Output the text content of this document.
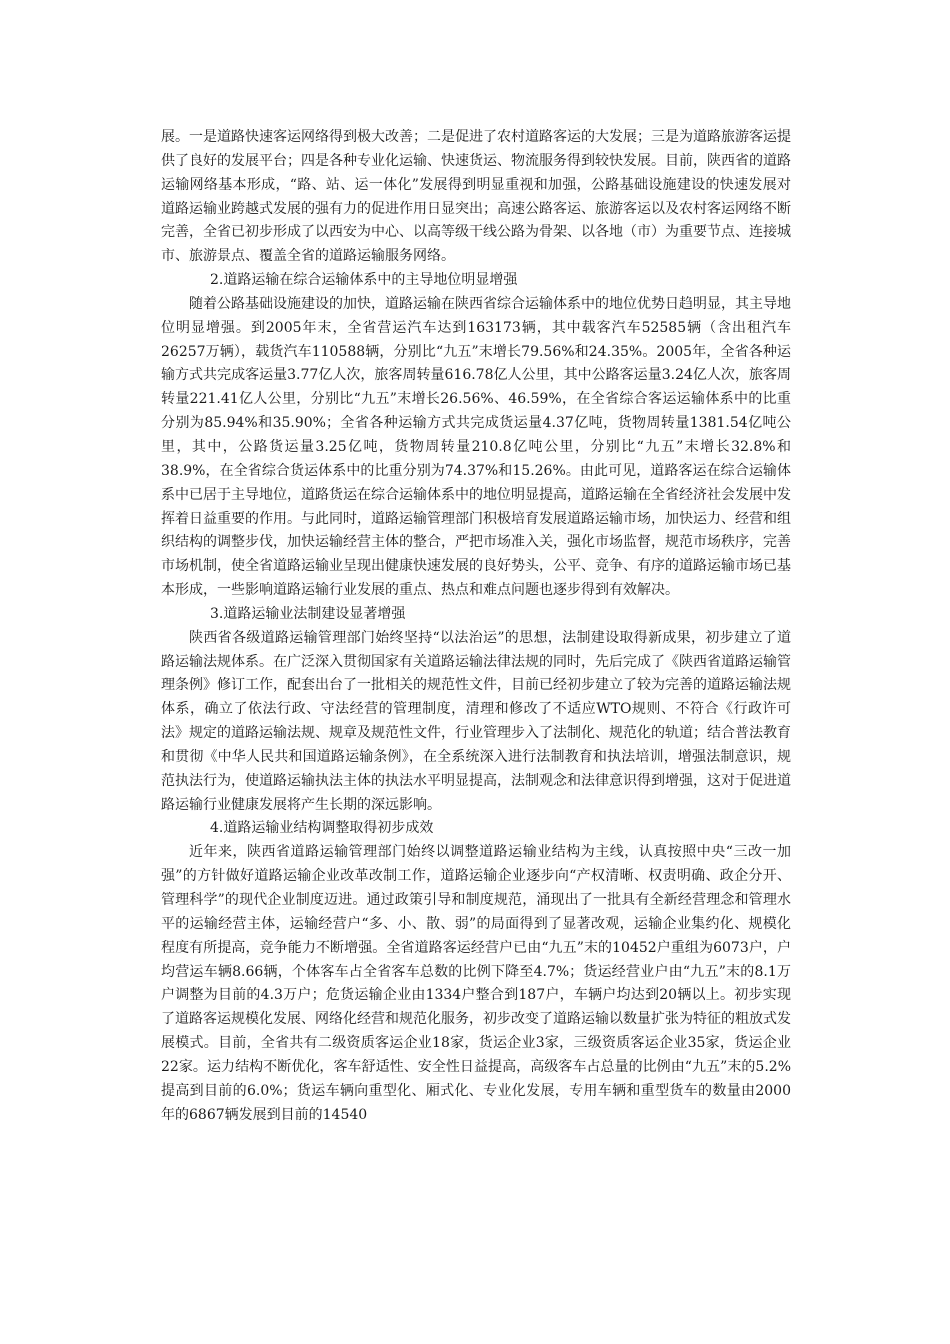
展。一是道路快速客运网络得到极大改善；二是促进了农村道路客运的大发展；三是为道路旅游客运提供了良好的发展平台；四是各种专业化运输、快速货运、物流服务得到较快发展。目前，陕西省的道路运输网络基本形成，“路、站、运一体化”发展得到明显重视和加强，公路基础设施建设的快速发展对道路运输业跨越式发展的强有力的促进作用日显突出；高速公路客运、旅游客运以及农村客运网络不断完善，全省已初步形成了以西安为中心、以高等级干线公路为骨架、以各地（市）为重要节点、连接城市、旅游景点、覆盖全省的道路运输服务网络。

2.道路运输在综合运输体系中的主导地位明显增强

随着公路基础设施建设的加快，道路运输在陕西省综合运输体系中的地位优势日趋明显，其主导地位明显增强。到2005年末，全省营运汽车达到163173辆，其中载客汽车52585辆（含出租汽车26257万辆），载货汽车110588辆，分别比“九五”末增长79.56%和24.35%。2005年，全省各种运输方式共完成客运量3.77亿人次，旅客周转量616.78亿人公里，其中公路客运量3.24亿人次，旅客周转量221.41亿人公里，分别比“九五”末增长26.56%、46.59%，在全省综合客运运输体系中的比重分别为85.94%和35.90%；全省各种运输方式共完成货运量4.37亿吨，货物周转量1381.54亿吨公里，其中，公路货运量3.25亿吨，货物周转量210.8亿吨公里，分别比“九五”末增长32.8%和38.9%，在全省综合货运体系中的比重分别为74.37%和15.26%。由此可见，道路客运在综合运输体系中已居于主导地位，道路货运在综合运输体系中的地位明显提高，道路运输在全省经济社会发展中发挥着日益重要的作用。与此同时，道路运输管理部门积极培育发展道路运输市场，加快运力、经营和组织结构的调整步伐，加快运输经营主体的整合，严把市场准入关，强化市场监督，规范市场秩序，完善市场机制，使全省道路运输业呈现出健康快速发展的良好势头，公平、竞争、有序的道路运输市场已基本形成，一些影响道路运输行业发展的重点、热点和难点问题也逐步得到有效解决。

3.道路运输业法制建设显著增强

陕西省各级道路运输管理部门始终坚持“以法治运”的思想，法制建设取得新成果，初步建立了道路运输法规体系。在广泛深入贯彻国家有关道路运输法律法规的同时，先后完成了《陕西省道路运输管理条例》修订工作，配套出台了一批相关的规范性文件，目前已经初步建立了较为完善的道路运输法规体系，确立了依法行政、守法经营的管理制度，清理和修改了不适应WTO规则、不符合《行政许可法》规定的道路运输法规、规章及规范性文件，行业管理步入了法制化、规范化的轨道；结合普法教育和贯彻《中华人民共和国道路运输条例》，在全系统深入进行法制教育和执法培训，增强法制意识，规范执法行为，使道路运输执法主体的执法水平明显提高，法制观念和法律意识得到增强，这对于促进道路运输行业健康发展将产生长期的深远影响。

4.道路运输业结构调整取得初步成效

近年来，陕西省道路运输管理部门始终以调整道路运输业结构为主线，认真按照中央“三改一加强”的方针做好道路运输企业改革改制工作，道路运输企业逐步向“产权清晰、权责明确、政企分开、管理科学”的现代企业制度迈进。通过政策引导和制度规范，涌现出了一批具有全新经营理念和管理水平的运输经营主体，运输经营户“多、小、散、弱”的局面得到了显著改观，运输企业集约化、规模化程度有所提高，竞争能力不断增强。全省道路客运经营户已由“九五”末的10452户重组为6073户，户均营运车辆8.66辆，个体客车占全省客车总数的比例下降至4.7%；货运经营业户由“九五”末的8.1万户调整为目前的4.3万户；危货运输企业由1334户整合到187户，车辆户均达到20辆以上。初步实现了道路客运规模化发展、网络化经营和规范化服务，初步改变了道路运输以数量扩张为特征的粗放式发展模式。目前，全省共有二级资质客运企业18家，货运企业3家，三级资质客运企业35家，货运企业22家。运力结构不断优化，客车舒适性、安全性日益提高，高级客车占总量的比例由“九五”末的5.2%提高到目前的6.0%；货运车辆向重型化、厢式化、专业化发展，专用车辆和重型货车的数量由2000年的6867辆发展到目前的14540
